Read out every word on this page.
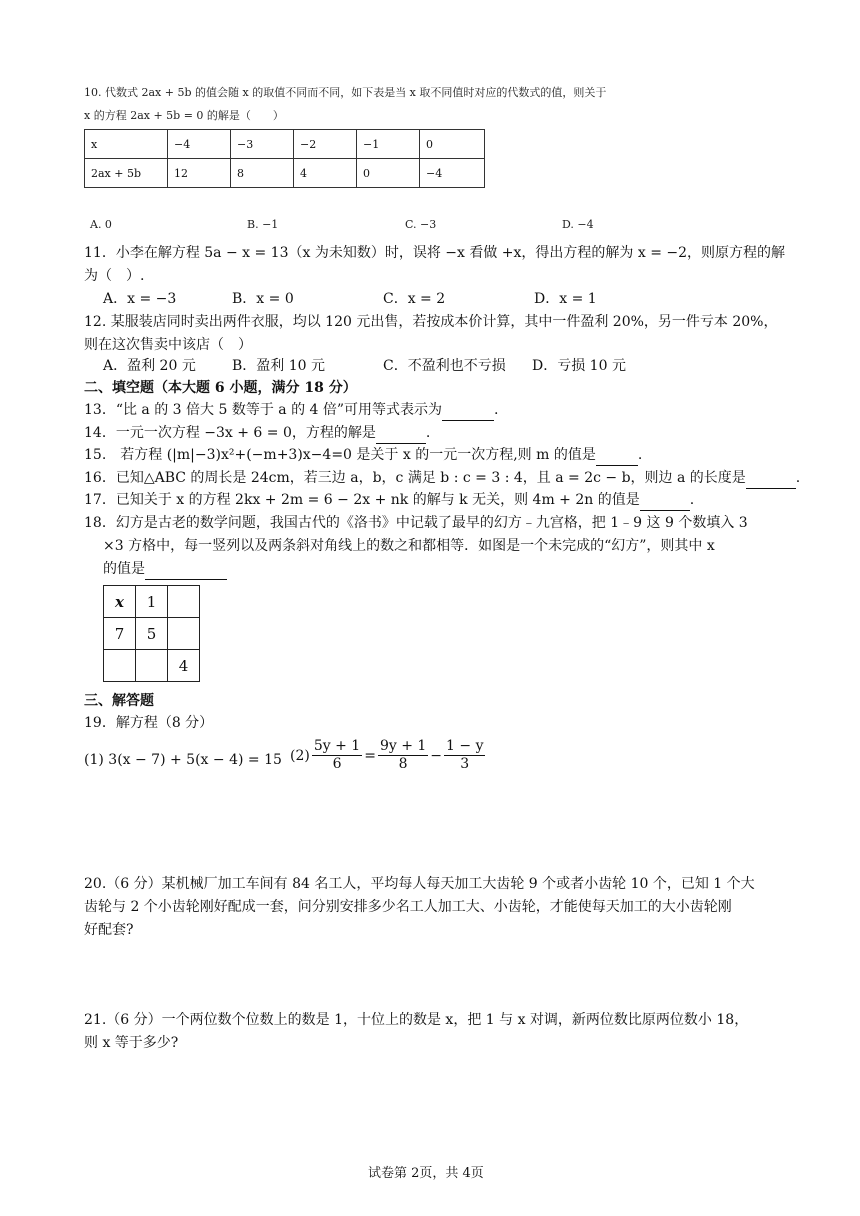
10. 代数式 2ax + 5b 的值会随 x 的取值不同而不同，如下表是当 x 取不同值时对应的代数式的值，则关于
x 的方程 2ax + 5b = 0 的解是（　　）
x	−4	−3	−2	−1	0
2ax + 5b	12	8	4	0	−4
A. 0	B. −1	C. −3	D. −4
11．小李在解方程 5a − x = 13（x 为未知数）时，误将 −x 看做 +x，得出方程的解为 x = −2，则原方程的解
为（　）.
A．x = −3	B．x = 0	C．x = 2	D．x = 1
12. 某服装店同时卖出两件衣服，均以 120 元出售，若按成本价计算，其中一件盈利 20%，另一件亏本 20%，
则在这次售卖中该店（　）
A．盈利 20 元	B．盈利 10 元	C．不盈利也不亏损 D．亏损 10 元
二、填空题（本大题 6 小题，满分 18 分）
13．“比 a 的 3 倍大 5 数等于 a 的 4 倍”可用等式表示为	.
14．一元一次方程 −3x + 6 = 0，方程的解是	.
15.　若方程 (|m|−3)x²+(−m+3)x−4=0 是关于 x 的一元一次方程,则 m 的值是	.
16．已知△ABC 的周长是 24cm，若三边 a，b，c 满足 b : c = 3 : 4，且 a = 2c − b，则边 a 的长度是	.
17．已知关于 x 的方程 2kx + 2m = 6 − 2x + nk 的解与 k 无关，则 4m + 2n 的值是	.
18．幻方是古老的数学问题，我国古代的《洛书》中记载了最早的幻方﹣九宫格，把 1﹣9 这 9 个数填入 3
×3 方格中，每一竖列以及两条斜对角线上的数之和都相等．如图是一个未完成的“幻方”，则其中 x
的值是
x	1	
7	5	
		4
三、解答题
19．解方程（8 分）
(1) 3(x − 7) + 5(x − 4) = 15 $(2) \frac{5y + 1}{6} = \frac{9y + 1}{8} - \frac{1 - y}{3}$
20.（6 分）某机械厂加工车间有 84 名工人，平均每人每天加工大齿轮 9 个或者小齿轮 10 个，已知 1 个大
齿轮与 2 个小齿轮刚好配成一套，问分别安排多少名工人加工大、小齿轮，才能使每天加工的大小齿轮刚
好配套?
21.（6 分）一个两位数个位数上的数是 1，十位上的数是 x，把 1 与 x 对调，新两位数比原两位数小 18，
则 x 等于多少?
试卷第 2页，共 4页
